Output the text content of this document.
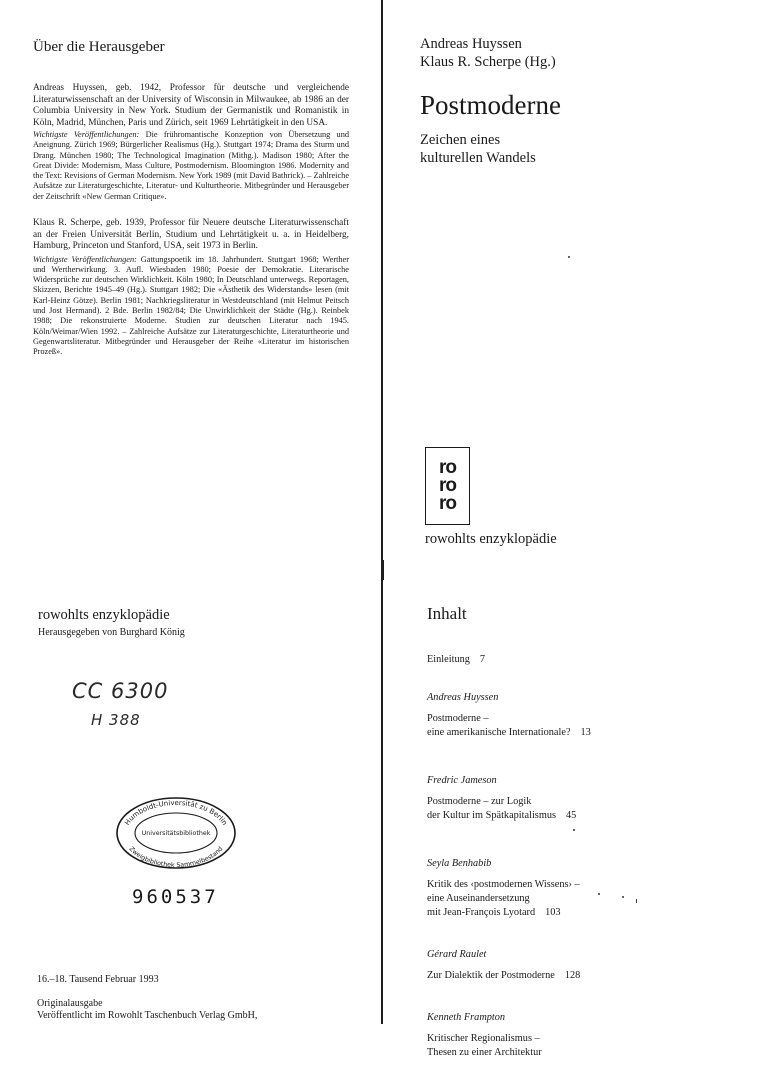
Über die Herausgeber

Andreas Huyssen, geb. 1942, Professor für deutsche und vergleichende Literaturwissenschaft an der University of Wisconsin in Milwaukee, ab 1986 an der Columbia University in New York. Studium der Germanistik und Romanistik in Köln, Madrid, München, Paris und Zürich, seit 1969 Lehrtätigkeit in den USA.

Wichtigste Veröffentlichungen: Die frühromantische Konzeption von Übersetzung und Aneignung. Zürich 1969; Bürgerlicher Realismus (Hg.). Stuttgart 1974; Drama des Sturm und Drang. München 1980; The Technological Imagination (Mithg.). Madison 1980; After the Great Divide: Modernism, Mass Culture, Postmodernism. Bloomington 1986. Modernity and the Text: Revisions of German Modernism. New York 1989 (mit David Bathrick). – Zahlreiche Aufsätze zur Literaturgeschichte, Literatur- und Kulturtheorie. Mitbegründer und Herausgeber der Zeitschrift «New German Critique».

Klaus R. Scherpe, geb. 1939, Professor für Neuere deutsche Literaturwissenschaft an der Freien Universität Berlin, Studium und Lehrtätigkeit u. a. in Heidelberg, Hamburg, Princeton und Stanford, USA, seit 1973 in Berlin.

Wichtigste Veröffentlichungen: Gattungspoetik im 18. Jahrhundert. Stuttgart 1968; Werther und Wertherwirkung. 3. Aufl. Wiesbaden 1980; Poesie der Demokratie. Literarische Widersprüche zur deutschen Wirklichkeit. Köln 1980; In Deutschland unterwegs. Reportagen, Skizzen, Berichte 1945–49 (Hg.). Stuttgart 1982; Die «Ästhetik des Widerstands» lesen (mit Karl-Heinz Götze). Berlin 1981; Nachkriegsliteratur in Westdeutschland (mit Helmut Peitsch und Jost Hermand). 2 Bde. Berlin 1982/84; Die Unwirklichkeit der Städte (Hg.). Reinbek 1988; Die rekonstruierte Moderne. Studien zur deutschen Literatur nach 1945. Köln/Weimar/Wien 1992. – Zahlreiche Aufsätze zur Literaturgeschichte, Literaturtheorie und Gegenwartsliteratur. Mitbegründer und Herausgeber der Reihe «Literatur im historischen Prozeß».

Andreas Huyssen
Klaus R. Scherpe (Hg.)
Postmoderne
Zeichen eines
kulturellen Wandels
ro
ro
ro
rowohlts enzyklopädie
rowohlts enzyklopädie
Herausgegeben von Burghard König
CC 6300
H 388
Humboldt-Universität zu Berlin
Universitätsbibliothek
Zweigbibliothek Sammelbestand
960537
16.–18. Tausend Februar 1993
Originalausgabe
Veröffentlicht im Rowohlt Taschenbuch Verlag GmbH,
Inhalt
Einleitung 7
Andreas Huyssen
Postmoderne –
eine amerikanische Internationale? 13
Fredric Jameson
Postmoderne – zur Logik
der Kultur im Spätkapitalismus 45
Seyla Benhabib
Kritik des ‹postmodernen Wissens› –
eine Auseinandersetzung
mit Jean-François Lyotard 103
Gérard Raulet
Zur Dialektik der Postmoderne 128
Kenneth Frampton
Kritischer Regionalismus –
Thesen zu einer Architektur
